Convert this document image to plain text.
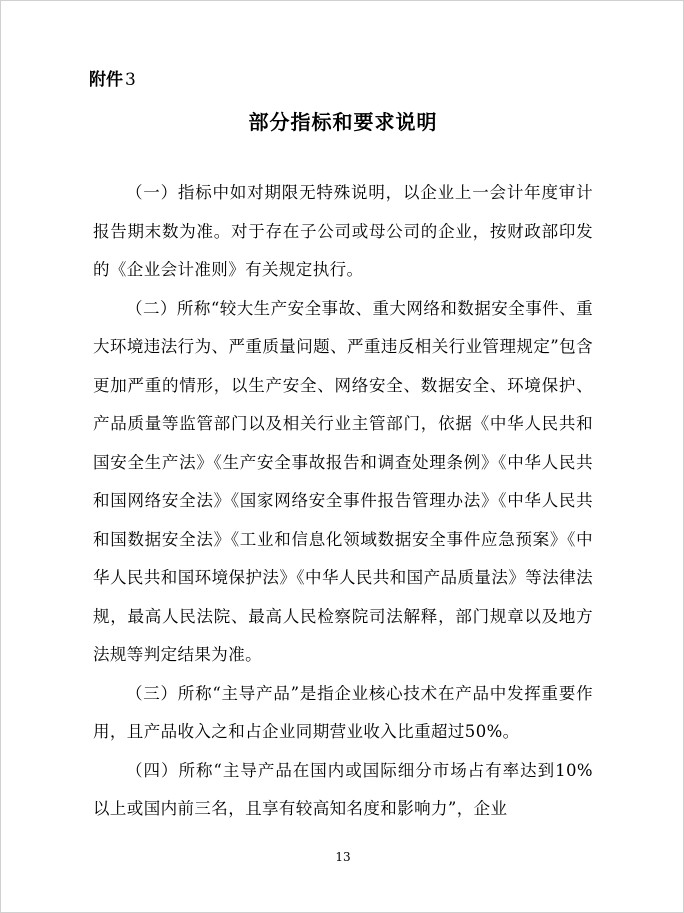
附件 3
部分指标和要求说明

（一）指标中如对期限无特殊说明，以企业上一会计年度审计报告期末数为准。对于存在子公司或母公司的企业，按财政部印发的《企业会计准则》有关规定执行。

（二）所称“较大生产安全事故、重大网络和数据安全事件、重大环境违法行为、严重质量问题、严重违反相关行业管理规定”包含更加严重的情形，以生产安全、网络安全、数据安全、环境保护、产品质量等监管部门以及相关行业主管部门，依据《中华人民共和国安全生产法》《生产安全事故报告和调查处理条例》《中华人民共和国网络安全法》《国家网络安全事件报告管理办法》《中华人民共和国数据安全法》《工业和信息化领域数据安全事件应急预案》《中华人民共和国环境保护法》《中华人民共和国产品质量法》等法律法规，最高人民法院、最高人民检察院司法解释，部门规章以及地方法规等判定结果为准。

（三）所称“主导产品”是指企业核心技术在产品中发挥重要作用，且产品收入之和占企业同期营业收入比重超过50%。

（四）所称“主导产品在国内或国际细分市场占有率达到10%以上或国内前三名，且享有较高知名度和影响力”，企业

13
